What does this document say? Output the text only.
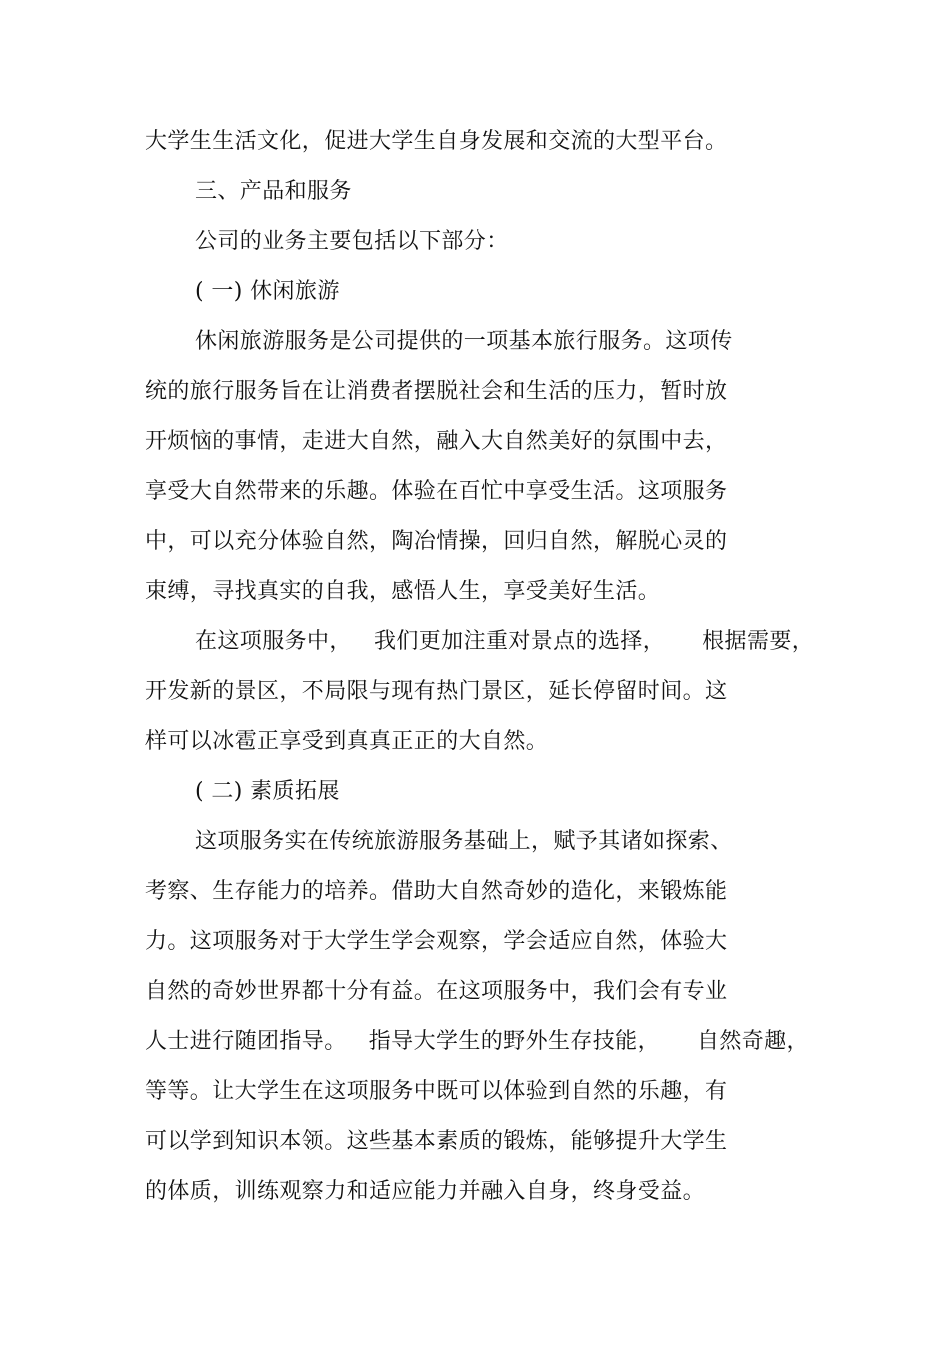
大学生生活文化，促进大学生自身发展和交流的大型平台。
三、产品和服务
公司的业务主要包括以下部分：
( 一) 休闲旅游
休闲旅游服务是公司提供的一项基本旅行服务。这项传
统的旅行服务旨在让消费者摆脱社会和生活的压力，暂时放
开烦恼的事情，走进大自然，融入大自然美好的氛围中去，
享受大自然带来的乐趣。体验在百忙中享受生活。这项服务
中，可以充分体验自然，陶冶情操，回归自然，解脱心灵的
束缚，寻找真实的自我，感悟人生，享受美好生活。
在这项服务中，   我们更加注重对景点的选择，     根据需要，
开发新的景区，不局限与现有热门景区，延长停留时间。这
样可以冰雹正享受到真真正正的大自然。
( 二) 素质拓展
这项服务实在传统旅游服务基础上，赋予其诸如探索、
考察、生存能力的培养。借助大自然奇妙的造化，来锻炼能
力。这项服务对于大学生学会观察，学会适应自然，体验大
自然的奇妙世界都十分有益。在这项服务中，我们会有专业
人士进行随团指导。   指导大学生的野外生存技能，     自然奇趣，
等等。让大学生在这项服务中既可以体验到自然的乐趣，有
可以学到知识本领。这些基本素质的锻炼，能够提升大学生
的体质，训练观察力和适应能力并融入自身，终身受益。
